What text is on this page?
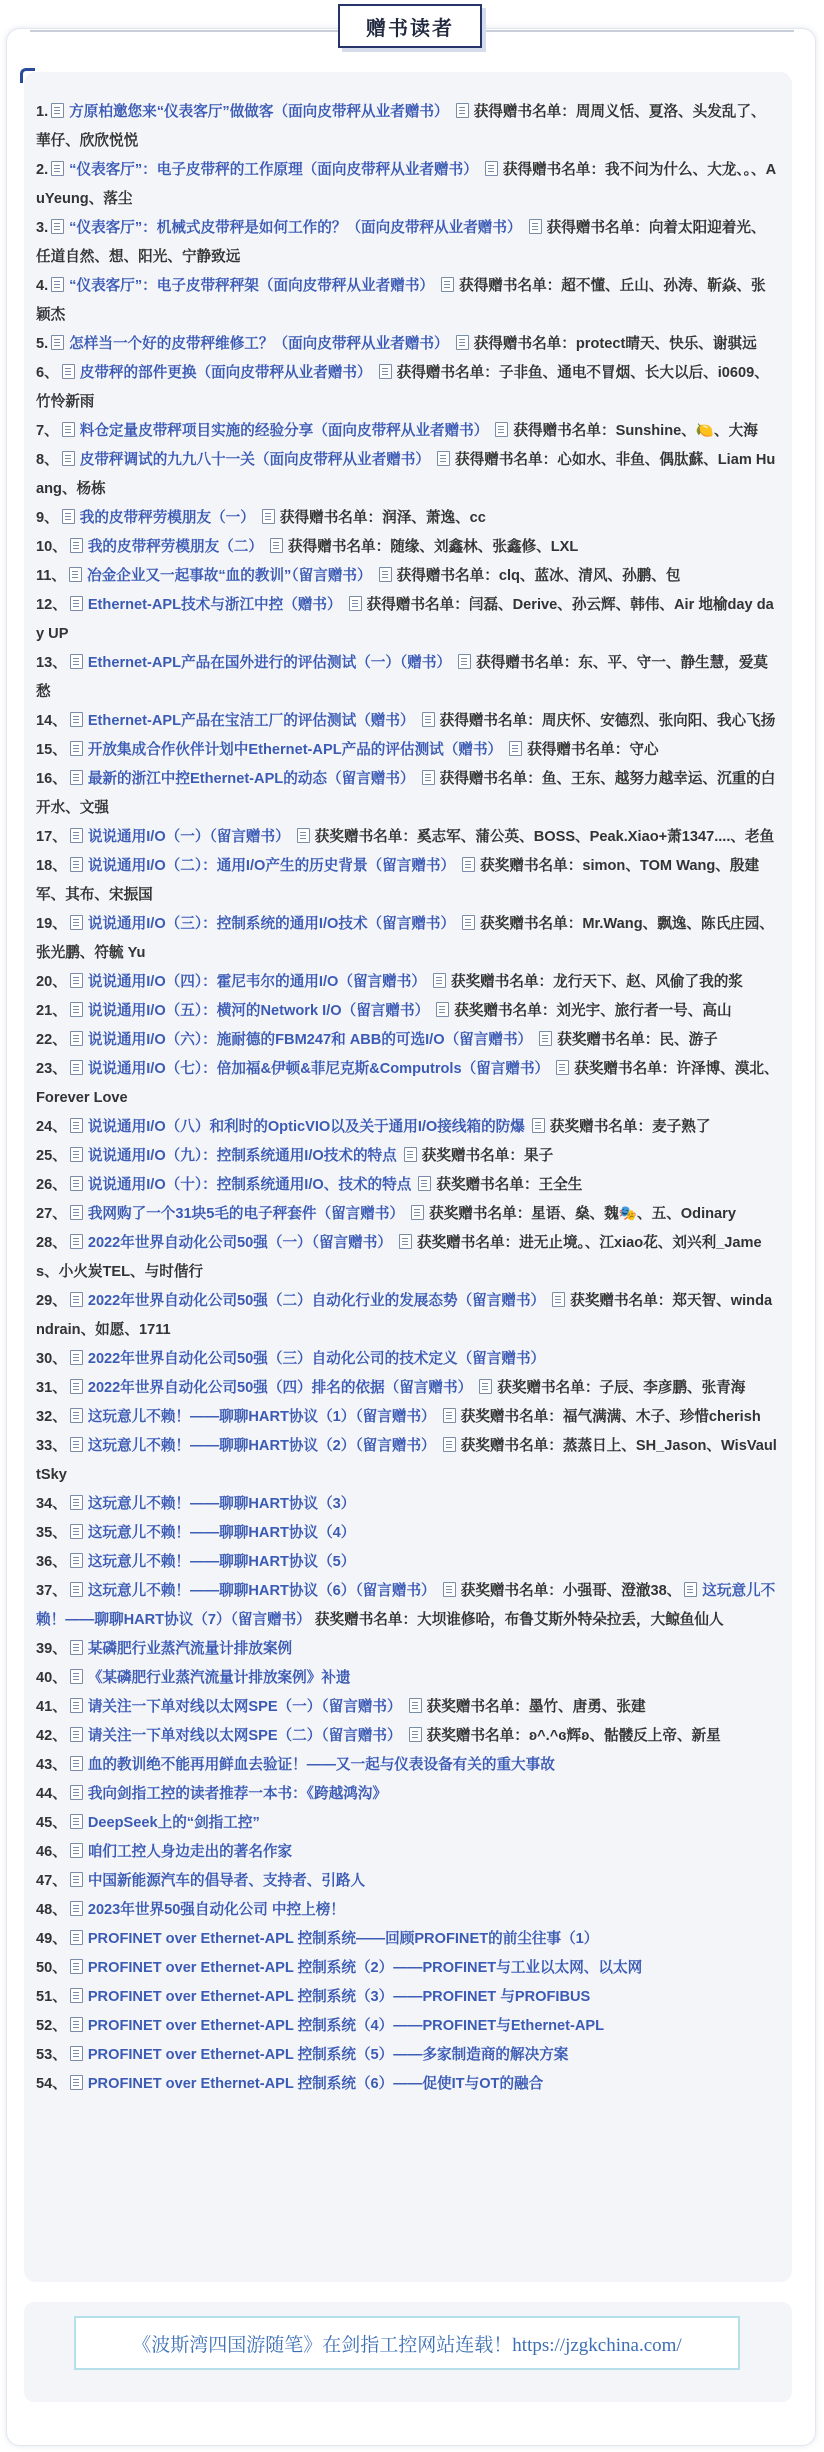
赠书读者
1. 方原柏邀您来“仪表客厅”做做客（面向皮带秤从业者赠书） 获得赠书名单：周周义恬、夏洛、头发乱了、華仔、欣欣悦悦
2. “仪表客厅”：电子皮带秤的工作原理（面向皮带秤从业者赠书） 获得赠书名单：我不问为什么、大龙、。、AuYeung、落尘
3. “仪表客厅”：机械式皮带秤是如何工作的？（面向皮带秤从业者赠书） 获得赠书名单：向着太阳迎着光、任道自然、想、阳光、宁静致远
4. “仪表客厅”：电子皮带秤秤架（面向皮带秤从业者赠书） 获得赠书名单：超不懂、丘山、孙涛、靳焱、张颖杰
5. 怎样当一个好的皮带秤维修工？（面向皮带秤从业者赠书） 获得赠书名单：protect晴天、快乐、谢骐远
6、 皮带秤的部件更换（面向皮带秤从业者赠书） 获得赠书名单：子非鱼、通电不冒烟、长大以后、i0609、竹怜新雨
7、 料仓定量皮带秤项目实施的经验分享（面向皮带秤从业者赠书） 获得赠书名单：Sunshine、🍋、大海
8、 皮带秤调试的九九八十一关（面向皮带秤从业者赠书） 获得赠书名单：心如水、非鱼、偶肽蘇、Liam Huang、杨栋
9、 我的皮带秤劳模朋友（一） 获得赠书名单：润泽、萧逸、cc
10、 我的皮带秤劳模朋友（二） 获得赠书名单：随缘、刘鑫林、张鑫修、LXL
11、 冶金企业又一起事故“血的教训”（留言赠书） 获得赠书名单：clq、蓝冰、清风、孙鹏、包
12、 Ethernet-APL技术与浙江中控（赠书） 获得赠书名单：闫磊、Derive、孙云辉、韩伟、Air 地榆day day UP
13、 Ethernet-APL产品在国外进行的评估测试（一）（赠书） 获得赠书名单：东、平、守一、静生慧，爱莫愁
14、 Ethernet-APL产品在宝洁工厂的评估测试（赠书） 获得赠书名单：周庆怀、安德烈、张向阳、我心飞扬
15、 开放集成合作伙伴计划中Ethernet-APL产品的评估测试（赠书） 获得赠书名单：守心
16、 最新的浙江中控Ethernet-APL的动态（留言赠书） 获得赠书名单：鱼、王东、越努力越幸运、沉重的白开水、文强
17、 说说通用I/O（一）（留言赠书） 获奖赠书名单：奚志军、蒲公英、BOSS、Peak.Xiao+萧1347....、老鱼
18、 说说通用I/O（二）：通用I/O产生的历史背景（留言赠书） 获奖赠书名单：simon、TOM Wang、殷建军、其布、宋振国
19、 说说通用I/O（三）：控制系统的通用I/O技术（留言赠书） 获奖赠书名单：Mr.Wang、飘逸、陈氏庄园、张光鹏、符毓 Yu
20、 说说通用I/O（四）：霍尼韦尔的通用I/O（留言赠书） 获奖赠书名单：龙行天下、赵、风偷了我的浆
21、 说说通用I/O（五）：横河的Network I/O（留言赠书） 获奖赠书名单：刘光宇、旅行者一号、高山
22、 说说通用I/O（六）：施耐德的FBM247和 ABB的可选I/O（留言赠书） 获奖赠书名单：民、游子
23、 说说通用I/O（七）：倍加福&伊顿&菲尼克斯&Computrols（留言赠书） 获奖赠书名单：许泽博、漠北、Forever Love
24、 说说通用I/O（八）和利时的OpticVIO以及关于通用I/O接线箱的防爆 获奖赠书名单：麦子熟了
25、 说说通用I/O（九）：控制系统通用I/O技术的特点 获奖赠书名单：果子
26、 说说通用I/O（十）：控制系统通用I/O、技术的特点 获奖赠书名单：王全生
27、 我网购了一个31块5毛的电子秤套件（留言赠书） 获奖赠书名单：星语、燊、魏🎭、五、Odinary
28、 2022年世界自动化公司50强（一）（留言赠书） 获奖赠书名单：进无止境。、江xiao花、刘兴利_James、小火炭TEL、与时偕行
29、 2022年世界自动化公司50强（二）自动化行业的发展态势（留言赠书） 获奖赠书名单：郑天智、windandrain、如愿、1711
30、 2022年世界自动化公司50强（三）自动化公司的技术定义（留言赠书）
31、 2022年世界自动化公司50强（四）排名的依据（留言赠书） 获奖赠书名单：子辰、李彦鹏、张青海
32、 这玩意儿不赖！——聊聊HART协议（1）（留言赠书） 获奖赠书名单：福气满满、木子、珍惜cherish
33、 这玩意儿不赖！——聊聊HART协议（2）（留言赠书） 获奖赠书名单：蒸蒸日上、SH_Jason、WisVaultSky
34、 这玩意儿不赖！——聊聊HART协议（3）
35、 这玩意儿不赖！——聊聊HART协议（4）
36、 这玩意儿不赖！——聊聊HART协议（5）
37、 这玩意儿不赖！——聊聊HART协议（6）（留言赠书） 获奖赠书名单：小强哥、澄澈38、 这玩意儿不赖！——聊聊HART协议（7）（留言赠书） 获奖赠书名单：大坝谁修哈，布鲁艾斯外特朵拉丢，大鲸鱼仙人
39、 某磷肥行业蒸汽流量计排放案例
40、 《某磷肥行业蒸汽流量计排放案例》补遗
41、 请关注一下单对线以太网SPE（一）（留言赠书） 获奖赠书名单：墨竹、唐勇、张建
42、 请关注一下单对线以太网SPE（二）（留言赠书） 获奖赠书名单：ʚ^.^ɞ辉ʚ、骷髅反上帝、新星
43、 血的教训绝不能再用鲜血去验证！——又一起与仪表设备有关的重大事故
44、 我向剑指工控的读者推荐一本书：《跨越鸿沟》
45、 DeepSeek上的“剑指工控”
46、 咱们工控人身边走出的著名作家
47、 中国新能源汽车的倡导者、支持者、引路人
48、 2023年世界50强自动化公司 中控上榜！
49、 PROFINET over Ethernet-APL 控制系统——回顾PROFINET的前尘往事（1）
50、 PROFINET over Ethernet-APL 控制系统（2）——PROFINET与工业以太网、以太网
51、 PROFINET over Ethernet-APL 控制系统（3）——PROFINET 与PROFIBUS
52、 PROFINET over Ethernet-APL 控制系统（4）——PROFINET与Ethernet-APL
53、 PROFINET over Ethernet-APL 控制系统（5）——多家制造商的解决方案
54、 PROFINET over Ethernet-APL 控制系统（6）——促使IT与OT的融合
《波斯湾四国游随笔》在剑指工控网站连载！https://jzgkchina.com/
